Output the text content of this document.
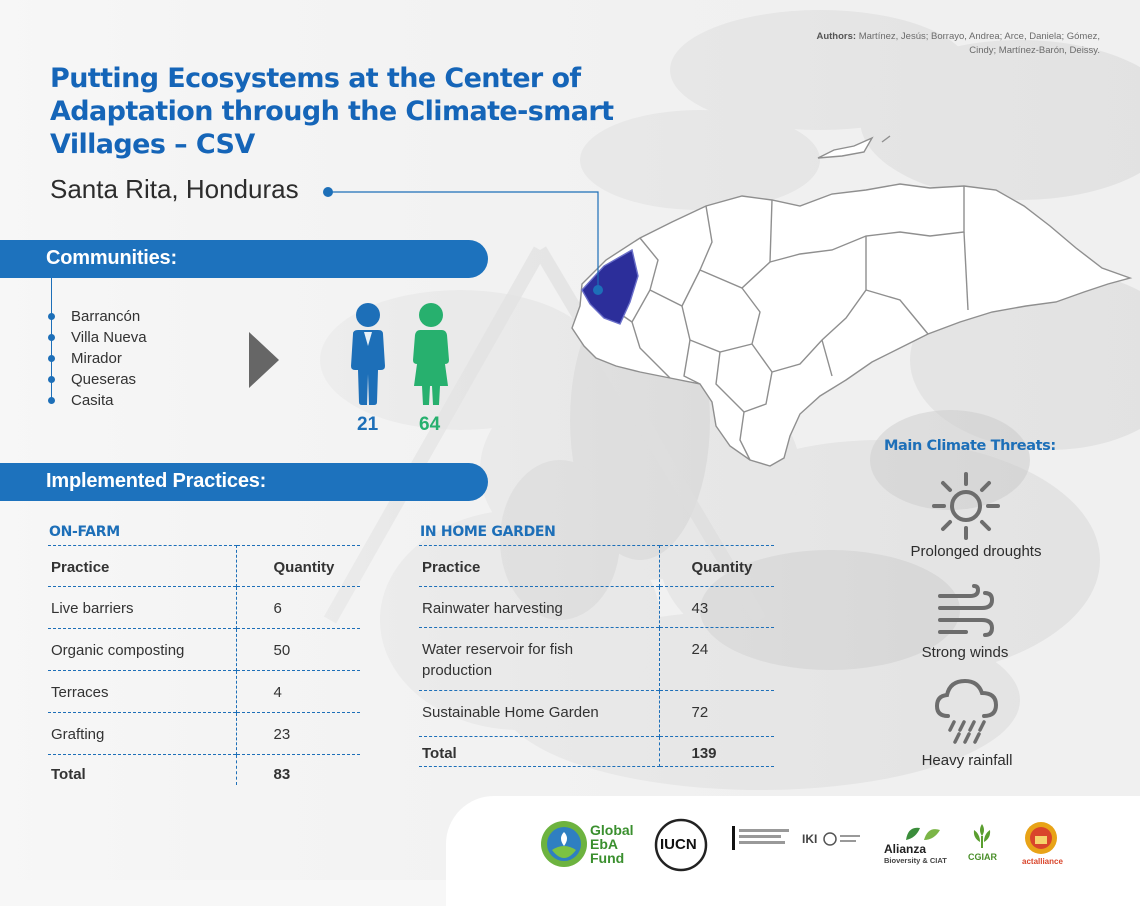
Authors: Martínez, Jesús; Borrayo, Andrea; Arce, Daniela; Gómez, Cindy; Martínez-Barón, Deissy.
Putting Ecosystems at the Center of Adaptation through the Climate-smart Villages – CSV
Santa Rita, Honduras
Communities:
Barrancón
Villa Nueva
Mirador
Queseras
Casita
21 64
Implemented Practices:
ON-FARM
Practice	Quantity

Live barriers	6

Organic composting	50

Terraces	4

Grafting	23

Total	83
IN HOME GARDEN
Practice	Quantity

Rainwater harvesting	43

Water reservoir for fish production	24

Sustainable Home Garden	72

Total	139
Main Climate Threats:
Prolonged droughts
Strong winds
Heavy rainfall
Global EbA Fund
IUCN	IKI
Alianza
Bioversity & CIAT CGIAR	actalliance
